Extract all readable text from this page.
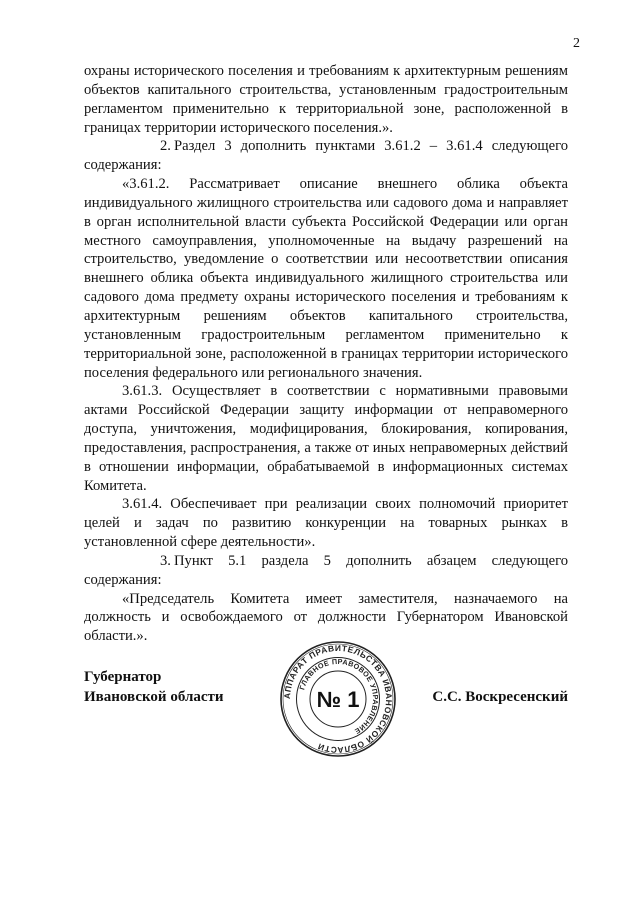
2

охраны исторического поселения и требованиям к архитектурным решениям объектов капитального строительства, установленным градостроительным регламентом применительно к территориальной зоне, расположенной в границах территории исторического поселения.».

2. Раздел 3 дополнить пунктами 3.61.2 – 3.61.4 следующего содержания:

«3.61.2. Рассматривает описание внешнего облика объекта индивидуального жилищного строительства или садового дома и направляет в орган исполнительной власти субъекта Российской Федерации или орган местного самоуправления, уполномоченные на выдачу разрешений на строительство, уведомление о соответствии или несоответствии описания внешнего облика объекта индивидуального жилищного строительства или садового дома предмету охраны исторического поселения и требованиям к архитектурным решениям объектов капитального строительства, установленным градостроительным регламентом применительно к территориальной зоне, расположенной в границах территории исторического поселения федерального или регионального значения.

3.61.3. Осуществляет в соответствии с нормативными правовыми актами Российской Федерации защиту информации от неправомерного доступа, уничтожения, модифицирования, блокирования, копирования, предоставления, распространения, а также от иных неправомерных действий в отношении информации, обрабатываемой в информационных системах Комитета.

3.61.4. Обеспечивает при реализации своих полномочий приоритет целей и задач по развитию конкуренции на товарных рынках в установленной сфере деятельности».

3. Пункт 5.1 раздела 5 дополнить абзацем следующего содержания:

«Председатель Комитета имеет заместителя, назначаемого на должность и освобождаемого от должности Губернатором Ивановской области.».

Губернатор
Ивановской области	АППАРАТ ПРАВИТЕЛЬСТВА ИВАНОВСКОЙ ОБЛАСТИ
ГЛАВНОЕ ПРАВОВОЕ УПРАВЛЕНИЕ
№ 1	С.С. Воскресенский
